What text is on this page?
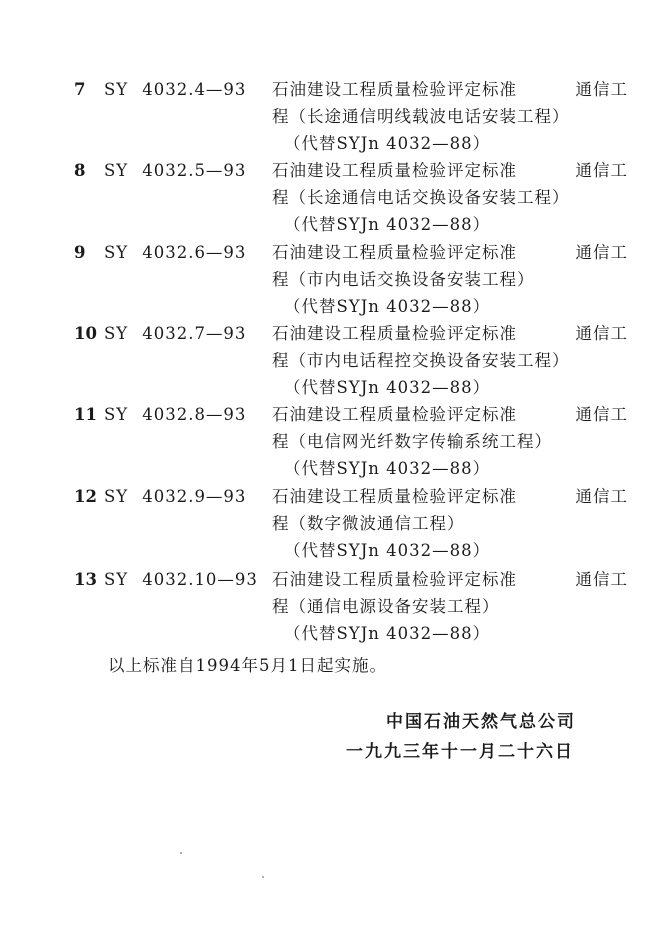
7	SY 4032.4—93 石油建设工程质量检验评定标准	通信工
程（长途通信明线载波电话安装工程）
（代替SYJn 4032—88）
8	SY 4032.5—93 石油建设工程质量检验评定标准	通信工
程（长途通信电话交换设备安装工程）
（代替SYJn 4032—88）
9	SY 4032.6—93 石油建设工程质量检验评定标准	通信工
程（市内电话交换设备安装工程）
（代替SYJn 4032—88）
10 SY 4032.7—93 石油建设工程质量检验评定标准	通信工
程（市内电话程控交换设备安装工程）
（代替SYJn 4032—88）
11 SY 4032.8—93 石油建设工程质量检验评定标准	通信工
程（电信网光纤数字传输系统工程）
（代替SYJn 4032—88）
12 SY 4032.9—93 石油建设工程质量检验评定标准	通信工
程（数字微波通信工程）
（代替SYJn 4032—88）
13 SY 4032.10—93 石油建设工程质量检验评定标准	通信工
程（通信电源设备安装工程）
（代替SYJn 4032—88）
以上标准自1994年5月1日起实施。
中国石油天然气总公司
一九九三年十一月二十六日
